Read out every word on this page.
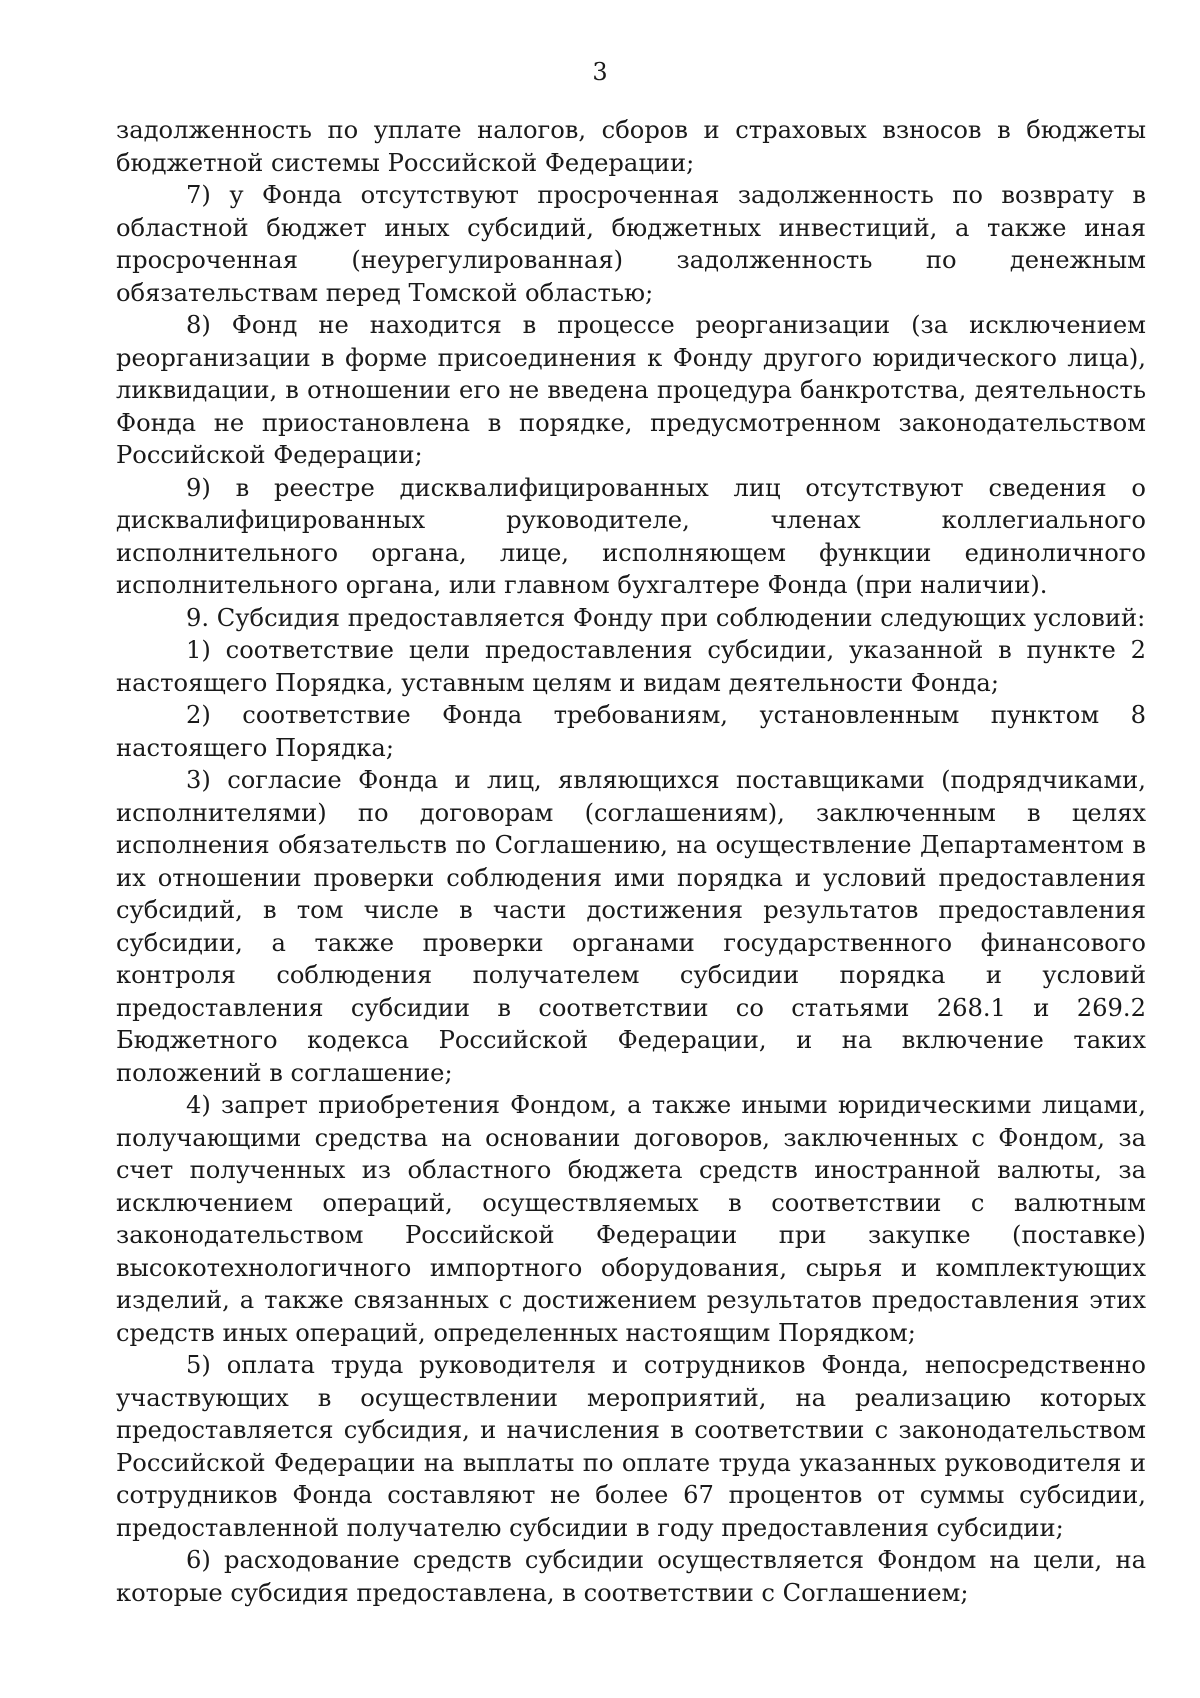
3

задолженность по уплате налогов, сборов и страховых взносов в бюджеты бюджетной системы Российской Федерации;

7) у Фонда отсутствуют просроченная задолженность по возврату в областной бюджет иных субсидий, бюджетных инвестиций, а также иная просроченная (неурегулированная) задолженность по денежным обязательствам перед Томской областью;

8) Фонд не находится в процессе реорганизации (за исключением реорганизации в форме присоединения к Фонду другого юридического лица), ликвидации, в отношении его не введена процедура банкротства, деятельность Фонда не приостановлена в порядке, предусмотренном законодательством Российской Федерации;

9) в реестре дисквалифицированных лиц отсутствуют сведения о дисквалифицированных руководителе, членах коллегиального исполнительного органа, лице, исполняющем функции единоличного исполнительного органа, или главном бухгалтере Фонда (при наличии).

9. Субсидия предоставляется Фонду при соблюдении следующих условий:

1) соответствие цели предоставления субсидии, указанной в пункте 2 настоящего Порядка, уставным целям и видам деятельности Фонда;

2) соответствие Фонда требованиям, установленным пунктом 8 настоящего Порядка;

3) согласие Фонда и лиц, являющихся поставщиками (подрядчиками, исполнителями) по договорам (соглашениям), заключенным в целях исполнения обязательств по Соглашению, на осуществление Департаментом в их отношении проверки соблюдения ими порядка и условий предоставления субсидий, в том числе в части достижения результатов предоставления субсидии, а также проверки органами государственного финансового контроля соблюдения получателем субсидии порядка и условий предоставления субсидии в соответствии со статьями 268.1 и 269.2 Бюджетного кодекса Российской Федерации, и на включение таких положений в соглашение;

4) запрет приобретения Фондом, а также иными юридическими лицами, получающими средства на основании договоров, заключенных с Фондом, за счет полученных из областного бюджета средств иностранной валюты, за исключением операций, осуществляемых в соответствии с валютным законодательством Российской Федерации при закупке (поставке) высокотехнологичного импортного оборудования, сырья и комплектующих изделий, а также связанных с достижением результатов предоставления этих средств иных операций, определенных настоящим Порядком;

5) оплата труда руководителя и сотрудников Фонда, непосредственно участвующих в осуществлении мероприятий, на реализацию которых предоставляется субсидия, и начисления в соответствии с законодательством Российской Федерации на выплаты по оплате труда указанных руководителя и сотрудников Фонда составляют не более 67 процентов от суммы субсидии, предоставленной получателю субсидии в году предоставления субсидии;

6) расходование средств субсидии осуществляется Фондом на цели, на которые субсидия предоставлена, в соответствии с Соглашением;
